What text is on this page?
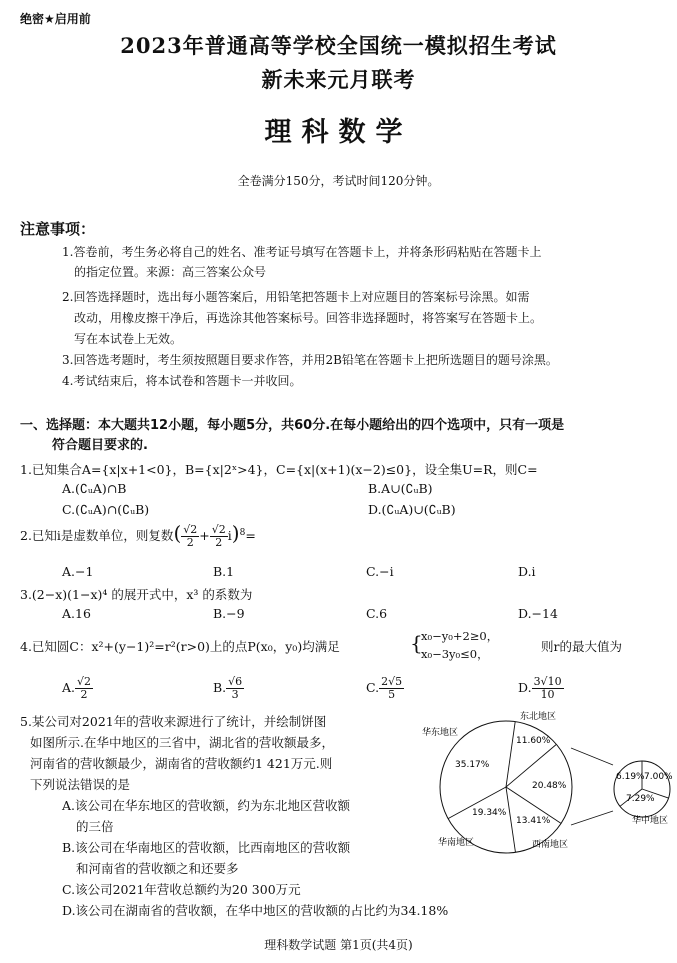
绝密★启用前
2023年普通高等学校全国统一模拟招生考试
新未来元月联考
理科数学
全卷满分150分，考试时间120分钟。
注意事项：
1.答卷前，考生务必将自己的姓名、准考证号填写在答题卡上，并将条形码粘贴在答题卡上
的指定位置。来源：高三答案公众号
2.回答选择题时，选出每小题答案后，用铅笔把答题卡上对应题目的答案标号涂黑。如需
改动，用橡皮擦干净后，再选涂其他答案标号。回答非选择题时，将答案写在答题卡上。
写在本试卷上无效。
3.回答选考题时，考生须按照题目要求作答，并用2B铅笔在答题卡上把所选题目的题号涂黑。
4.考试结束后，将本试卷和答题卡一并收回。
一、选择题：本大题共12小题，每小题5分，共60分.在每小题给出的四个选项中，只有一项是
符合题目要求的.
1.已知集合A={x|x+1<0}，B={x|2ˣ>4}，C={x|(x+1)(x−2)≤0}，设全集U=R，则C=
A.(∁ᵤA)∩B	B.A∪(∁ᵤB)
C.(∁ᵤA)∩(∁ᵤB)	D.(∁ᵤA)∪(∁ᵤB)
2.已知i是虚数单位，则复数( $\frac{√2}{2} + \frac{√2}{2} i)^8=$
A.−1	B.1	C.−i	D.i
3.(2−x)(1−x)⁴ 的展开式中，x³ 的系数为
A.16	B.−9	C.6	D.−14
4.已知圆C：x²+(y−1)²=r²(r>0)上的点P(x₀，y₀)均满足	{
x₀−y₀+2≥0，
x₀−3y₀≤0，	则r的最大值为
A. $\frac{√2}{2}$	B. $\frac{√6}{3}$	C. $\frac{2√5}{5}$	D. $\frac{3√10}{10}$
5.某公司对2021年的营收来源进行了统计，并绘制饼图
如图所示.在华中地区的三省中，湖北省的营收额最多，
河南省的营收额最少，湖南省的营收额约1 421万元.则
下列说法错误的是
A.该公司在华东地区的营收额，约为东北地区营收额
的三倍
B.该公司在华南地区的营收额，比西南地区的营收额
和河南省的营收额之和还要多
C.该公司2021年营收总额约为20 300万元
D.该公司在湖南省的营收额，在华中地区的营收额的占比约为34.18%
华东地区
东北地区
华南地区	西南地区
华中地区
35.17%
11.60%
20.48%
19.34%
13.41%
6.19% 7.00%
7.29%
理科数学试题 第1页(共4页)
